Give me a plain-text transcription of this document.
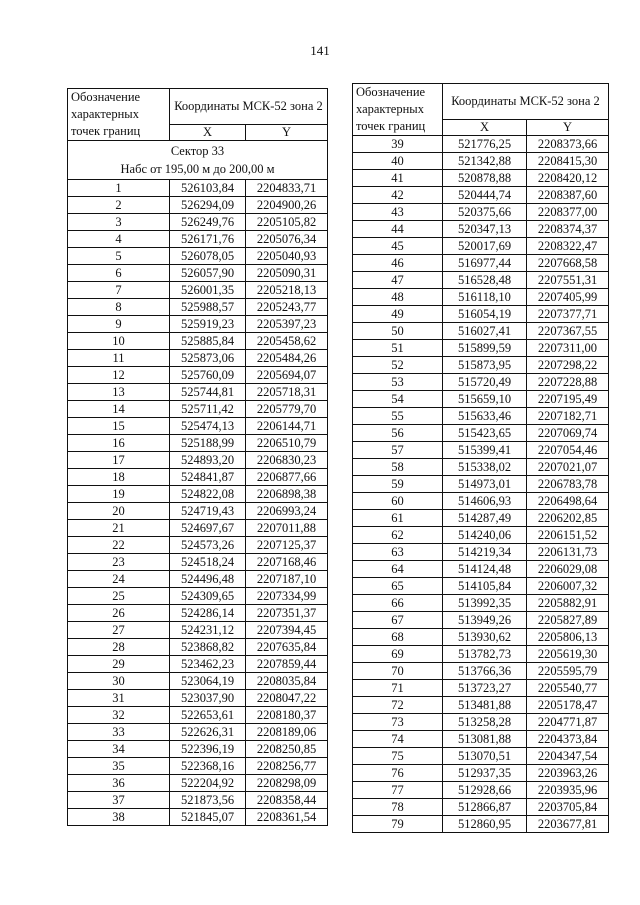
141
Обозначение характерных точек границ	Координаты МСК-52 зона 2	
	X	Y

Сектор 33
Набс от 195,00 м до 200,00 м		

1	526103,84	2204833,71
2	526294,09	2204900,26
3	526249,76	2205105,82
4	526171,76	2205076,34
5	526078,05	2205040,93
6	526057,90	2205090,31
7	526001,35	2205218,13
8	525988,57	2205243,77
9	525919,23	2205397,23
10	525885,84	2205458,62
11	525873,06	2205484,26
12	525760,09	2205694,07
13	525744,81	2205718,31
14	525711,42	2205779,70
15	525474,13	2206144,71
16	525188,99	2206510,79
17	524893,20	2206830,23
18	524841,87	2206877,66
19	524822,08	2206898,38
20	524719,43	2206993,24
21	524697,67	2207011,88
22	524573,26	2207125,37
23	524518,24	2207168,46
24	524496,48	2207187,10
25	524309,65	2207334,99
26	524286,14	2207351,37
27	524231,12	2207394,45
28	523868,82	2207635,84
29	523462,23	2207859,44
30	523064,19	2208035,84
31	523037,90	2208047,22
32	522653,61	2208180,37
33	522626,31	2208189,06
34	522396,19	2208250,85
35	522368,16	2208256,77
36	522204,92	2208298,09
37	521873,56	2208358,44
38	521845,07	2208361,54
Обозначение характерных точек границ	Координаты МСК-52 зона 2	
	X	Y
39	521776,25	2208373,66
40	521342,88	2208415,30
41	520878,88	2208420,12
42	520444,74	2208387,60
43	520375,66	2208377,00
44	520347,13	2208374,37
45	520017,69	2208322,47
46	516977,44	2207668,58
47	516528,48	2207551,31
48	516118,10	2207405,99
49	516054,19	2207377,71
50	516027,41	2207367,55
51	515899,59	2207311,00
52	515873,95	2207298,22
53	515720,49	2207228,88
54	515659,10	2207195,49
55	515633,46	2207182,71
56	515423,65	2207069,74
57	515399,41	2207054,46
58	515338,02	2207021,07
59	514973,01	2206783,78
60	514606,93	2206498,64
61	514287,49	2206202,85
62	514240,06	2206151,52
63	514219,34	2206131,73
64	514124,48	2206029,08
65	514105,84	2206007,32
66	513992,35	2205882,91
67	513949,26	2205827,89
68	513930,62	2205806,13
69	513782,73	2205619,30
70	513766,36	2205595,79
71	513723,27	2205540,77
72	513481,88	2205178,47
73	513258,28	2204771,87
74	513081,88	2204373,84
75	513070,51	2204347,54
76	512937,35	2203963,26
77	512928,66	2203935,96
78	512866,87	2203705,84
79	512860,95	2203677,81
